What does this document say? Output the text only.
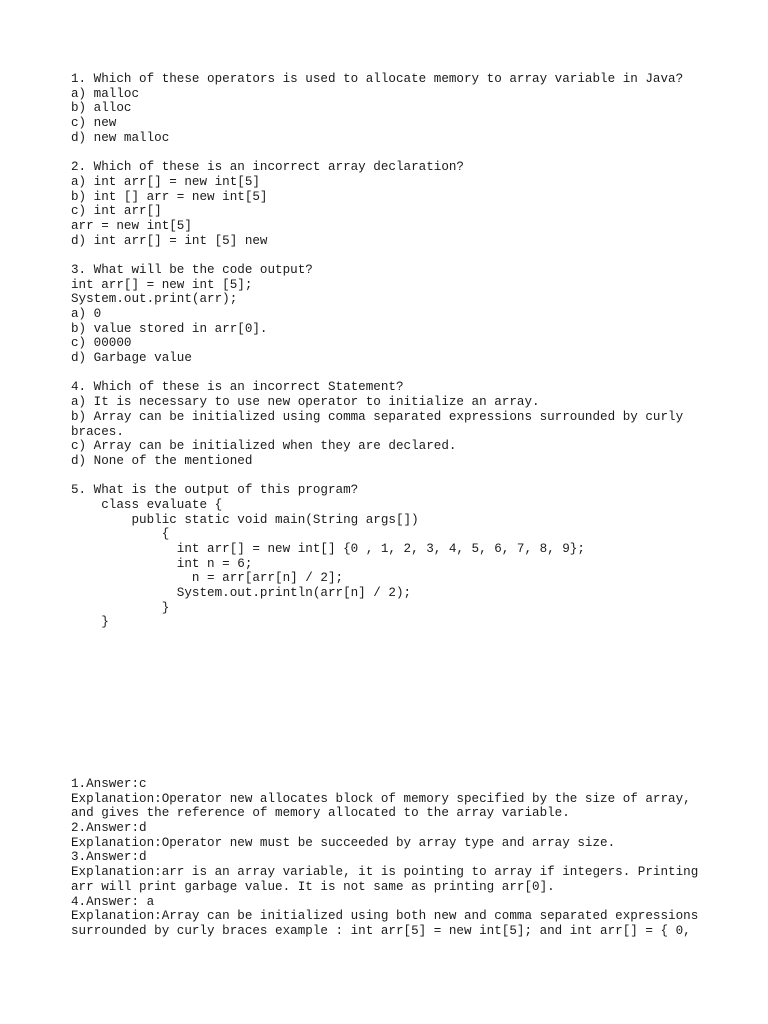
1. Which of these operators is used to allocate memory to array variable in Java?
a) malloc
b) alloc
c) new
d) new malloc
2. Which of these is an incorrect array declaration?
a) int arr[] = new int[5]
b) int [] arr = new int[5]
c) int arr[]
arr = new int[5]
d) int arr[] = int [5] new
3. What will be the code output?
int arr[] = new int [5];
System.out.print(arr);
a) 0
b) value stored in arr[0].
c) 00000
d) Garbage value
4. Which of these is an incorrect Statement?
a) It is necessary to use new operator to initialize an array.
b) Array can be initialized using comma separated expressions surrounded by curly
braces.
c) Array can be initialized when they are declared.
d) None of the mentioned
5. What is the output of this program?
class evaluate {
public static void main(String args[])
{
int arr[] = new int[] {0 , 1, 2, 3, 4, 5, 6, 7, 8, 9};
int n = 6;
n = arr[arr[n] / 2];
System.out.println(arr[n] / 2);
}
}
1.Answer:c
Explanation:Operator new allocates block of memory specified by the size of array,
and gives the reference of memory allocated to the array variable.
2.Answer:d
Explanation:Operator new must be succeeded by array type and array size.
3.Answer:d
Explanation:arr is an array variable, it is pointing to array if integers. Printing
arr will print garbage value. It is not same as printing arr[0].
4.Answer: a
Explanation:Array can be initialized using both new and comma separated expressions
surrounded by curly braces example : int arr[5] = new int[5]; and int arr[] = { 0,
